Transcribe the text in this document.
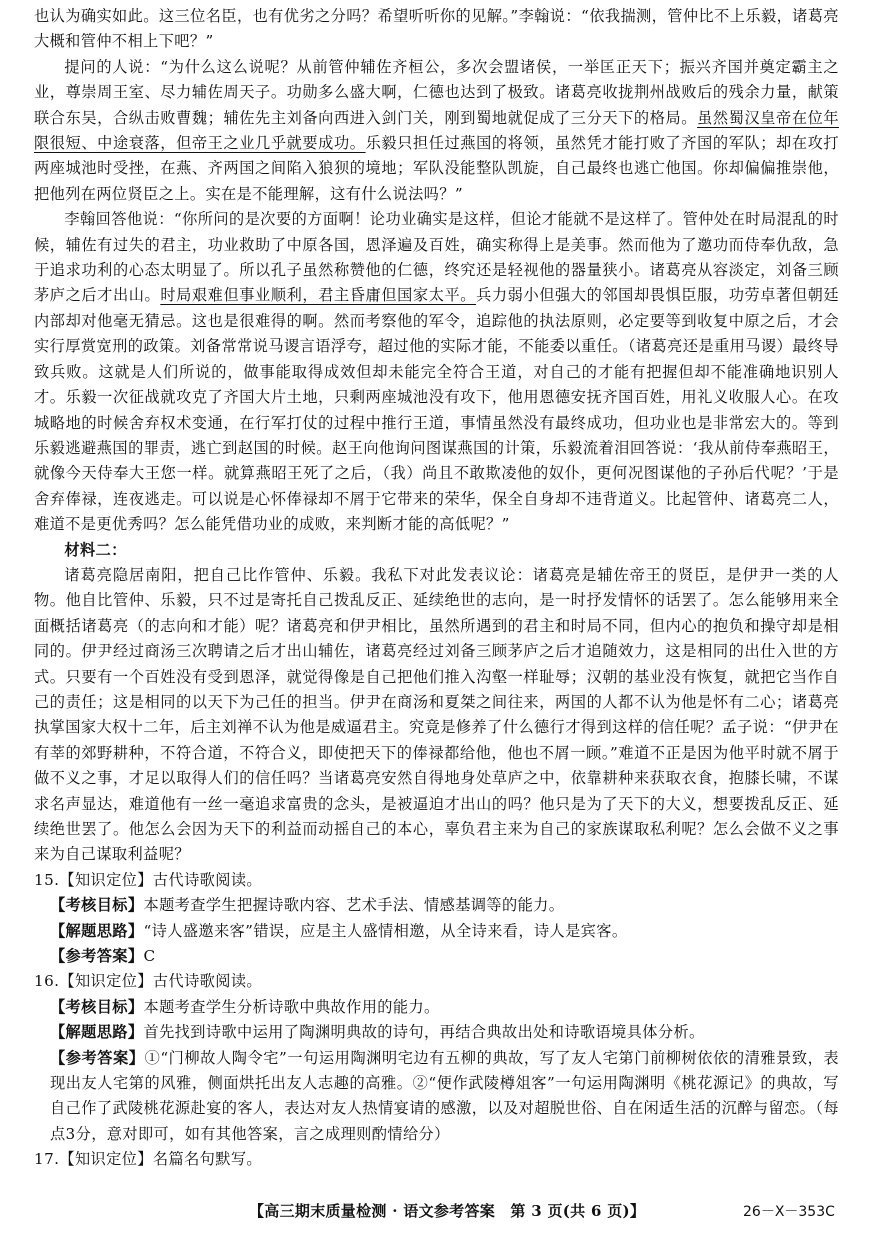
也认为确实如此。这三位名臣，也有优劣之分吗？希望听听你的见解。”李翰说：“依我揣测，管仲比不上乐毅，诸葛亮大概和管仲不相上下吧？”

提问的人说：“为什么这么说呢？从前管仲辅佐齐桓公，多次会盟诸侯，一举匡正天下；振兴齐国并奠定霸主之业，尊崇周王室、尽力辅佐周天子。功勋多么盛大啊，仁德也达到了极致。诸葛亮收拢荆州战败后的残余力量，献策联合东吴，合纵击败曹魏；辅佐先主刘备向西进入剑门关，刚到蜀地就促成了三分天下的格局。虽然蜀汉皇帝在位年限很短、中途衰落，但帝王之业几乎就要成功。乐毅只担任过燕国的将领，虽然凭才能打败了齐国的军队；却在攻打两座城池时受挫，在燕、齐两国之间陷入狼狈的境地；军队没能整队凯旋，自己最终也逃亡他国。你却偏偏推崇他，把他列在两位贤臣之上。实在是不能理解，这有什么说法吗？”

李翰回答他说：“你所问的是次要的方面啊！论功业确实是这样，但论才能就不是这样了。管仲处在时局混乱的时候，辅佐有过失的君主，功业救助了中原各国，恩泽遍及百姓，确实称得上是美事。然而他为了邀功而侍奉仇敌，急于追求功利的心态太明显了。所以孔子虽然称赞他的仁德，终究还是轻视他的器量狭小。诸葛亮从容淡定，刘备三顾茅庐之后才出山。时局艰难但事业顺利，君主昏庸但国家太平。兵力弱小但强大的邻国却畏惧臣服，功劳卓著但朝廷内部却对他毫无猜忌。这也是很难得的啊。然而考察他的军令，追踪他的执法原则，必定要等到收复中原之后，才会实行厚赏宽刑的政策。刘备常常说马谡言语浮夸，超过他的实际才能，不能委以重任。（诸葛亮还是重用马谡）最终导致兵败。这就是人们所说的，做事能取得成效但却未能完全符合王道，对自己的才能有把握但却不能准确地识别人才。乐毅一次征战就攻克了齐国大片土地，只剩两座城池没有攻下，他用恩德安抚齐国百姓，用礼义收服人心。在攻城略地的时候舍弃权术变通，在行军打仗的过程中推行王道，事情虽然没有最终成功，但功业也是非常宏大的。等到乐毅逃避燕国的罪责，逃亡到赵国的时候。赵王向他询问图谋燕国的计策，乐毅流着泪回答说：‘我从前侍奉燕昭王，就像今天侍奉大王您一样。就算燕昭王死了之后，（我）尚且不敢欺凌他的奴仆，更何况图谋他的子孙后代呢？’于是舍弃俸禄，连夜逃走。可以说是心怀俸禄却不屑于它带来的荣华，保全自身却不违背道义。比起管仲、诸葛亮二人，难道不是更优秀吗？怎么能凭借功业的成败，来判断才能的高低呢？”

材料二：

诸葛亮隐居南阳，把自己比作管仲、乐毅。我私下对此发表议论：诸葛亮是辅佐帝王的贤臣，是伊尹一类的人物。他自比管仲、乐毅，只不过是寄托自己拨乱反正、延续绝世的志向，是一时抒发情怀的话罢了。怎么能够用来全面概括诸葛亮（的志向和才能）呢？诸葛亮和伊尹相比，虽然所遇到的君主和时局不同，但内心的抱负和操守却是相同的。伊尹经过商汤三次聘请之后才出山辅佐，诸葛亮经过刘备三顾茅庐之后才追随效力，这是相同的出仕入世的方式。只要有一个百姓没有受到恩泽，就觉得像是自己把他们推入沟壑一样耻辱；汉朝的基业没有恢复，就把它当作自己的责任；这是相同的以天下为己任的担当。伊尹在商汤和夏桀之间往来，两国的人都不认为他是怀有二心；诸葛亮执掌国家大权十二年，后主刘禅不认为他是威逼君主。究竟是修养了什么德行才得到这样的信任呢？孟子说：“伊尹在有莘的郊野耕种，不符合道，不符合义，即使把天下的俸禄都给他，他也不屑一顾。”难道不正是因为他平时就不屑于做不义之事，才足以取得人们的信任吗？当诸葛亮安然自得地身处草庐之中，依靠耕种来获取衣食，抱膝长啸，不谋求名声显达，难道他有一丝一毫追求富贵的念头，是被逼迫才出山的吗？他只是为了天下的大义，想要拨乱反正、延续绝世罢了。他怎么会因为天下的利益而动摇自己的本心，辜负君主来为自己的家族谋取私利呢？怎么会做不义之事来为自己谋取利益呢？

15.【知识定位】古代诗歌阅读。

【考核目标】本题考查学生把握诗歌内容、艺术手法、情感基调等的能力。

【解题思路】“诗人盛邀来客”错误，应是主人盛情相邀，从全诗来看，诗人是宾客。

【参考答案】C

16.【知识定位】古代诗歌阅读。

【考核目标】本题考查学生分析诗歌中典故作用的能力。

【解题思路】首先找到诗歌中运用了陶渊明典故的诗句，再结合典故出处和诗歌语境具体分析。

【参考答案】①“门柳故人陶令宅”一句运用陶渊明宅边有五柳的典故，写了友人宅第门前柳树依依的清雅景致，表现出友人宅第的风雅，侧面烘托出友人志趣的高雅。②“便作武陵樽俎客”一句运用陶渊明《桃花源记》的典故，写自己作了武陵桃花源赴宴的客人，表达对友人热情宴请的感激，以及对超脱世俗、自在闲适生活的沉醉与留恋。（每点3分，意对即可，如有其他答案，言之成理则酌情给分）

17.【知识定位】名篇名句默写。

【高三期末质量检测 · 语文参考答案　第 3 页(共 6 页)】	26－X－353C
